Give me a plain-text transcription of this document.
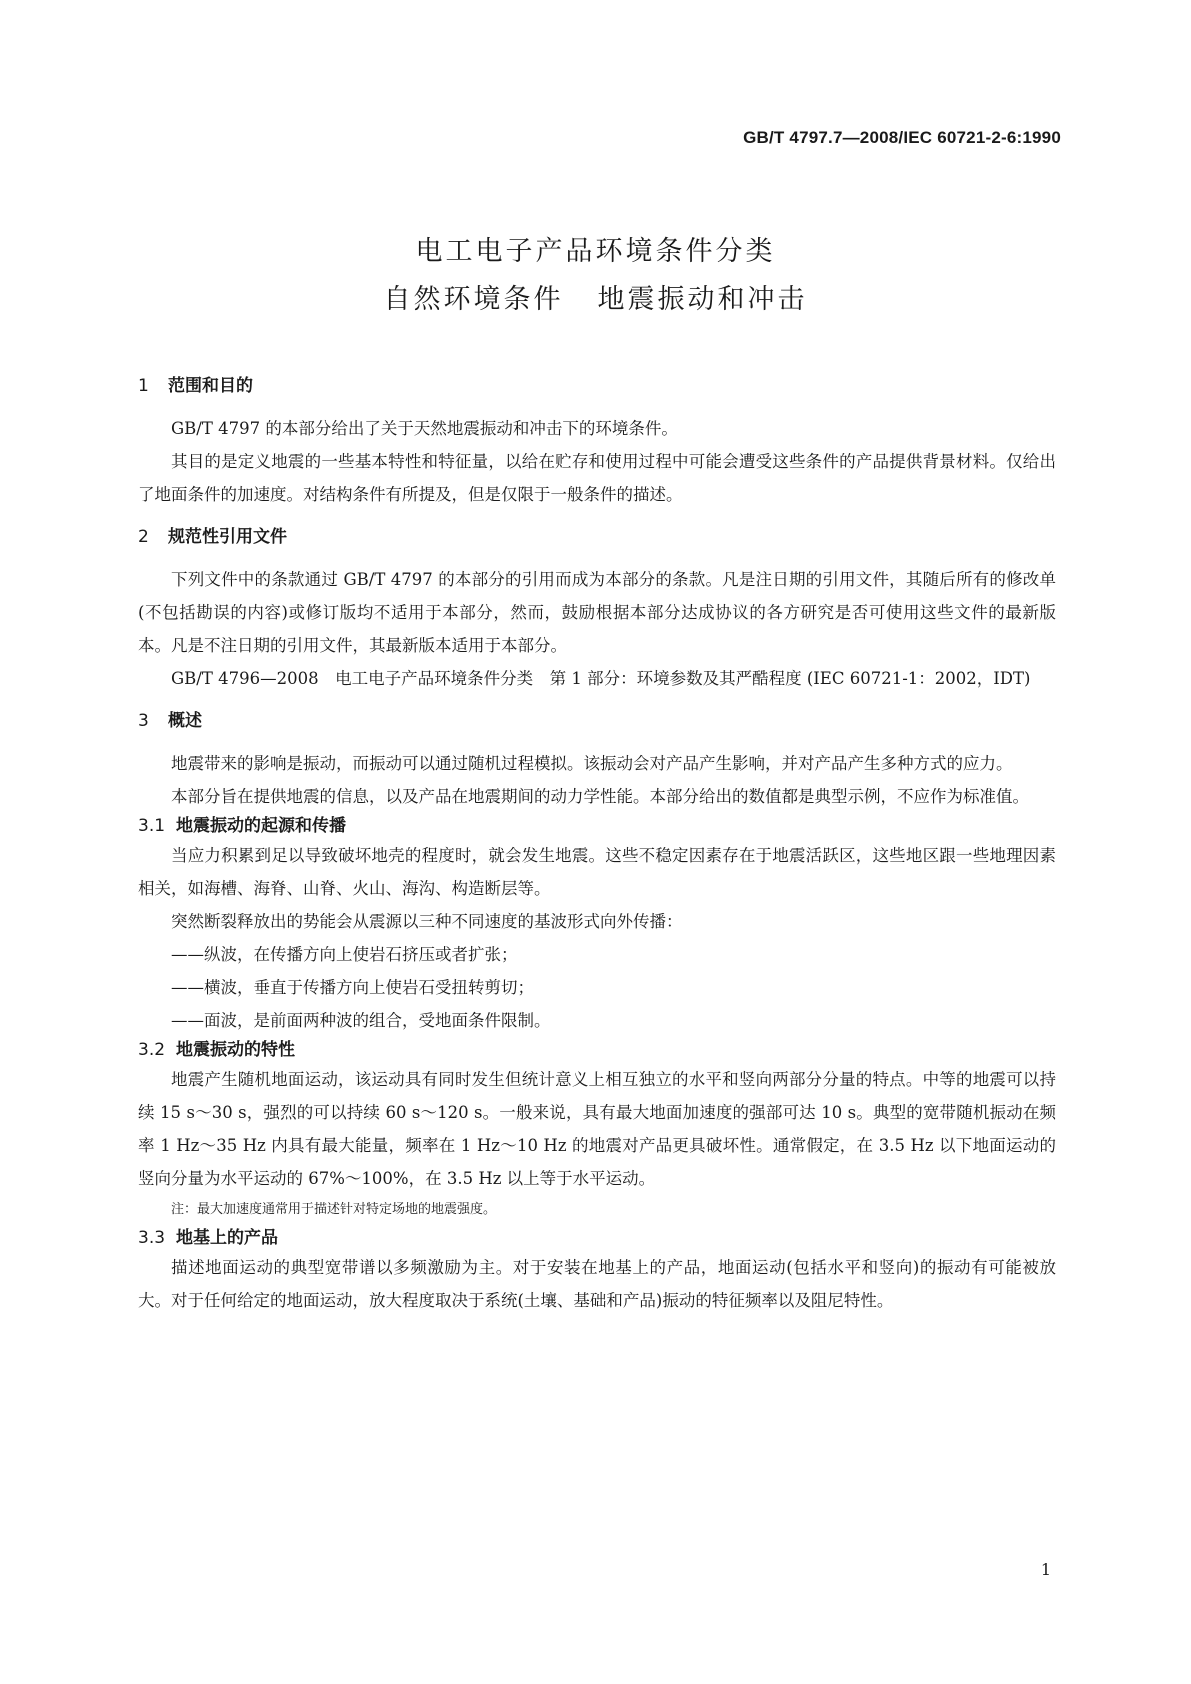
GB/T 4797.7—2008/IEC 60721-2-6:1990
电工电子产品环境条件分类
自然环境条件 地震振动和冲击
1 范围和目的

GB/T 4797 的本部分给出了关于天然地震振动和冲击下的环境条件。

其目的是定义地震的一些基本特性和特征量，以给在贮存和使用过程中可能会遭受这些条件的产品提供背景材料。仅给出了地面条件的加速度。对结构条件有所提及，但是仅限于一般条件的描述。

2 规范性引用文件

下列文件中的条款通过 GB/T 4797 的本部分的引用而成为本部分的条款。凡是注日期的引用文件，其随后所有的修改单(不包括勘误的内容)或修订版均不适用于本部分，然而，鼓励根据本部分达成协议的各方研究是否可使用这些文件的最新版本。凡是不注日期的引用文件，其最新版本适用于本部分。

GB/T 4796—2008　电工电子产品环境条件分类　第 1 部分：环境参数及其严酷程度 (IEC 60721-1：2002，IDT)

3 概述

地震带来的影响是振动，而振动可以通过随机过程模拟。该振动会对产品产生影响，并对产品产生多种方式的应力。

本部分旨在提供地震的信息，以及产品在地震期间的动力学性能。本部分给出的数值都是典型示例，不应作为标准值。

3.1 地震振动的起源和传播

当应力积累到足以导致破坏地壳的程度时，就会发生地震。这些不稳定因素存在于地震活跃区，这些地区跟一些地理因素相关，如海槽、海脊、山脊、火山、海沟、构造断层等。

突然断裂释放出的势能会从震源以三种不同速度的基波形式向外传播：

——纵波，在传播方向上使岩石挤压或者扩张；

——横波，垂直于传播方向上使岩石受扭转剪切；

——面波，是前面两种波的组合，受地面条件限制。

3.2 地震振动的特性

地震产生随机地面运动，该运动具有同时发生但统计意义上相互独立的水平和竖向两部分分量的特点。中等的地震可以持续 15 s～30 s，强烈的可以持续 60 s～120 s。一般来说，具有最大地面加速度的强部可达 10 s。典型的宽带随机振动在频率 1 Hz～35 Hz 内具有最大能量，频率在 1 Hz～10 Hz 的地震对产品更具破坏性。通常假定，在 3.5 Hz 以下地面运动的竖向分量为水平运动的 67%～100%，在 3.5 Hz 以上等于水平运动。

注：最大加速度通常用于描述针对特定场地的地震强度。
3.3 地基上的产品

描述地面运动的典型宽带谱以多频激励为主。对于安装在地基上的产品，地面运动(包括水平和竖向)的振动有可能被放大。对于任何给定的地面运动，放大程度取决于系统(土壤、基础和产品)振动的特征频率以及阻尼特性。

1
